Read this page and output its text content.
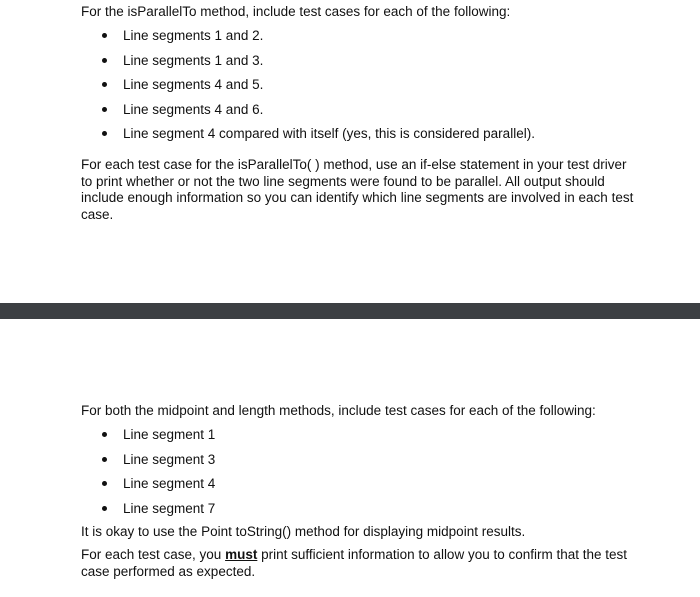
For the isParallelTo method, include test cases for each of the following:
Line segments 1 and 2.
Line segments 1 and 3.
Line segments 4 and 5.
Line segments 4 and 6.
Line segment 4 compared with itself (yes, this is considered parallel).

For each test case for the isParallelTo( ) method, use an if-else statement in your test driver to print whether or not the two line segments were found to be parallel. All output should include enough information so you can identify which line segments are involved in each test case.

For both the midpoint and length methods, include test cases for each of the following:
Line segment 1
Line segment 3
Line segment 4
Line segment 7

It is okay to use the Point toString() method for displaying midpoint results.

For each test case, you must print sufficient information to allow you to confirm that the test case performed as expected.
